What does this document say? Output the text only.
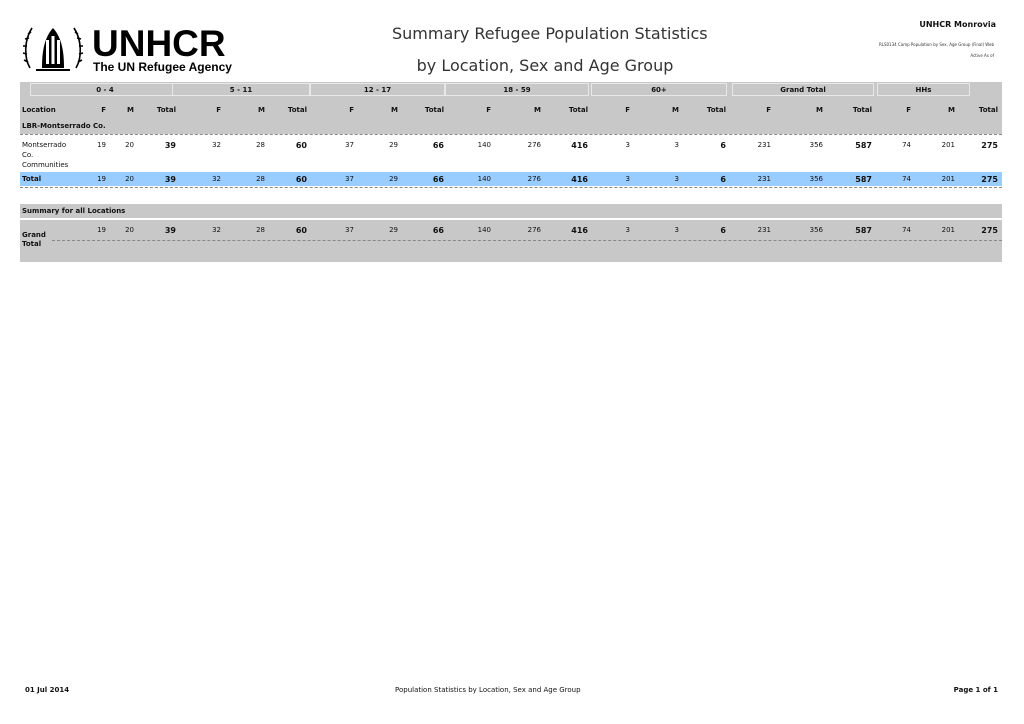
UNHCR
The UN Refugee Agency
Summary Refugee Population Statistics
by Location, Sex and Age Group
UNHCR Monrovia
RLS0134 Camp Population by Sex, Age Group (Final) Web
Active As of
0 - 4	5 - 11	12 - 17	18 - 59	60+	Grand Total	HHs
F	M	Total	F	M	Total	F	M	Total	F	M	Total	F	M	Total	F	M	Total	F	M	Total
Location
LBR-Montserrado Co.
Montserrado
Co.
Communities
19	20	39	32	28	60	37	29	66	140	276	416	3	3	6	231	356	587	74	201	275
Total	19	20	39	32	28	60	37	29	66	140	276	416	3	3	6	231	356	587	74	201	275
Summary for all Locations
Grand
Total
19	20	39	32	28	60	37	29	66	140	276	416	3	3	6	231	356	587	74	201	275
01 Jul 2014	Population Statistics by Location, Sex and Age Group	Page 1 of 1
